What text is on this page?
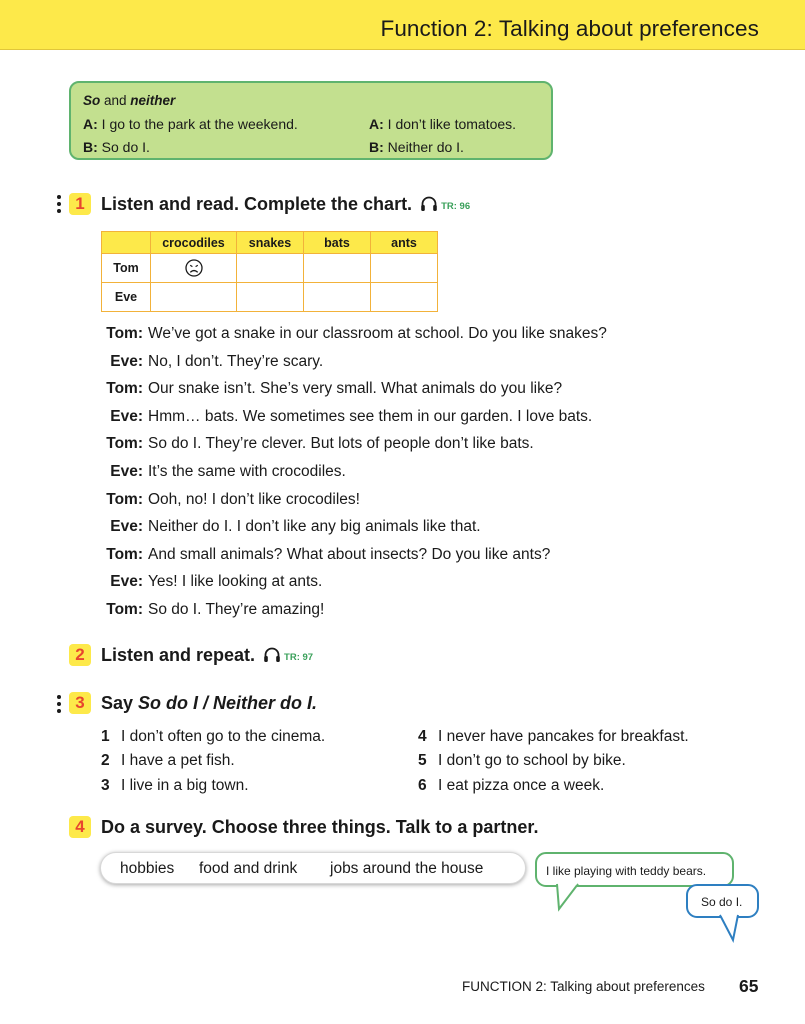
Function 2: Talking about preferences
So and neither
A: I go to the park at the weekend.	A: I don’t like tomatoes.
B: So do I.	B: Neither do I.
1 Listen and read. Complete the chart.	TR: 96
	crocodiles	snakes	bats	ants
Tom				
Eve				
Tom: We’ve got a snake in our classroom at school. Do you like snakes?
Eve: No, I don’t. They’re scary.
Tom: Our snake isn’t. She’s very small. What animals do you like?
Eve: Hmm… bats. We sometimes see them in our garden. I love bats.
Tom: So do I. They’re clever. But lots of people don’t like bats.
Eve: It’s the same with crocodiles.
Tom: Ooh, no! I don’t like crocodiles!
Eve: Neither do I. I don’t like any big animals like that.
Tom: And small animals? What about insects? Do you like ants?
Eve: Yes! I like looking at ants.
Tom: So do I. They’re amazing!
2 Listen and repeat.	TR: 97
3 Say So do I / Neither do I.
1 I don’t often go to the cinema.
2 I have a pet fish.
3 I live in a big town.
4 I never have pancakes for breakfast.
5 I don’t go to school by bike.
6 I eat pizza once a week.
4 Do a survey. Choose three things. Talk to a partner.
hobbies food and drink jobs around the house	I like playing with teddy bears.
So do I.
FUNCTION 2: Talking about preferences 65
